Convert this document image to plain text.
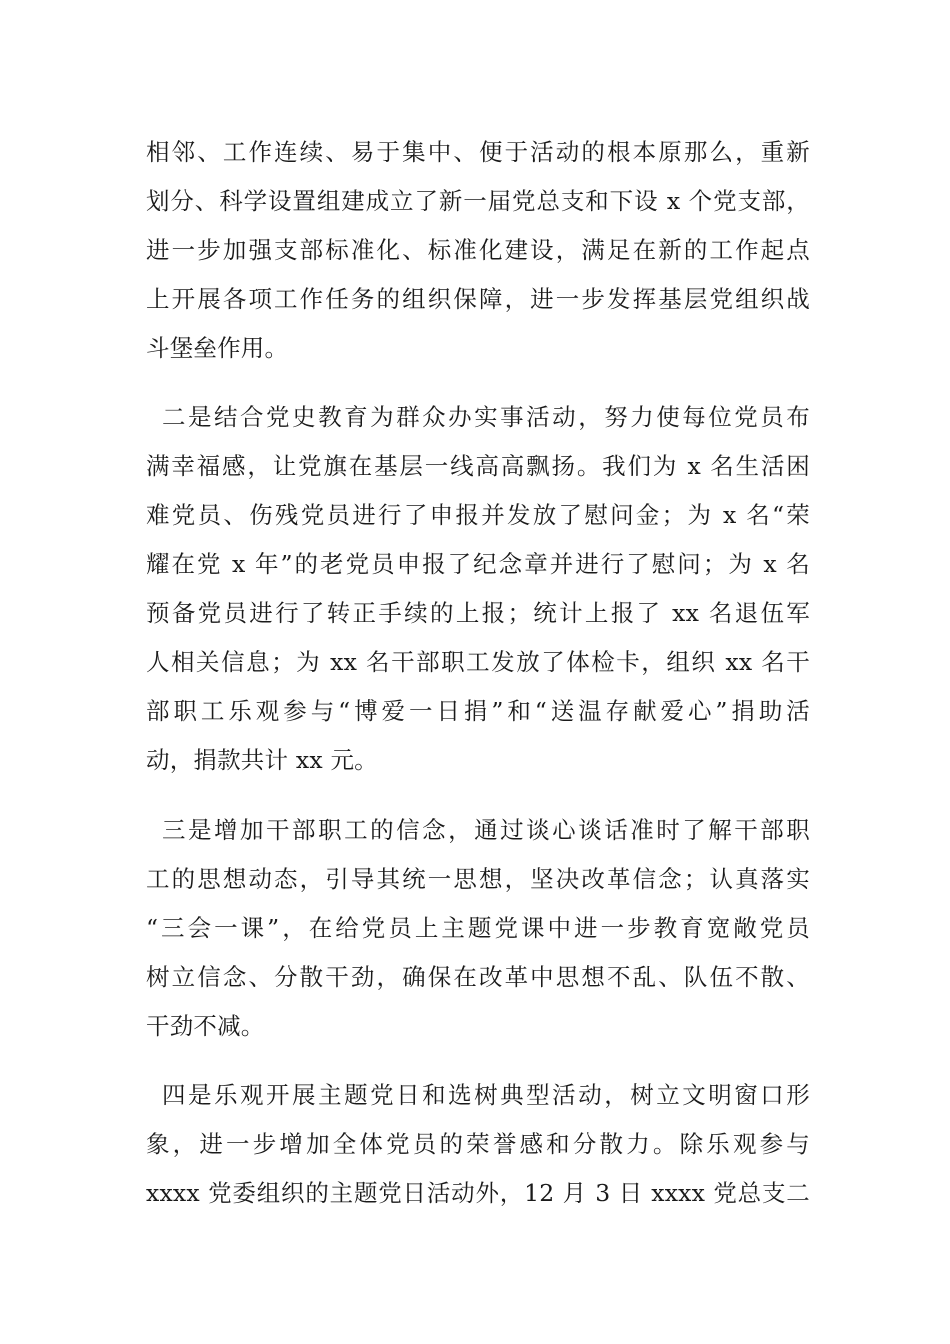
相邻、工作连续、易于集中、便于活动的根本原那么，重新
划分、科学设置组建成立了新一届党总支和下设 x 个党支部，
进一步加强支部标准化、标准化建设，满足在新的工作起点
上开展各项工作任务的组织保障，进一步发挥基层党组织战
斗堡垒作用。
二是结合党史教育为群众办实事活动，努力使每位党员布
满幸福感，让党旗在基层一线高高飘扬。我们为 x 名生活困
难党员、伤残党员进行了申报并发放了慰问金；为 x 名“荣
耀在党 x 年”的老党员申报了纪念章并进行了慰问；为 x 名
预备党员进行了转正手续的上报；统计上报了 xx 名退伍军
人相关信息；为 xx 名干部职工发放了体检卡，组织 xx 名干
部职工乐观参与“博爱一日捐”和“送温存献爱心”捐助活
动，捐款共计 xx 元。
三是增加干部职工的信念，通过谈心谈话准时了解干部职
工的思想动态，引导其统一思想，坚决改革信念；认真落实
“三会一课”，在给党员上主题党课中进一步教育宽敞党员
树立信念、分散干劲，确保在改革中思想不乱、队伍不散、
干劲不减。
四是乐观开展主题党日和选树典型活动，树立文明窗口形
象，进一步增加全体党员的荣誉感和分散力。除乐观参与
xxxx 党委组织的主题党日活动外，12 月 3 日 xxxx 党总支二
